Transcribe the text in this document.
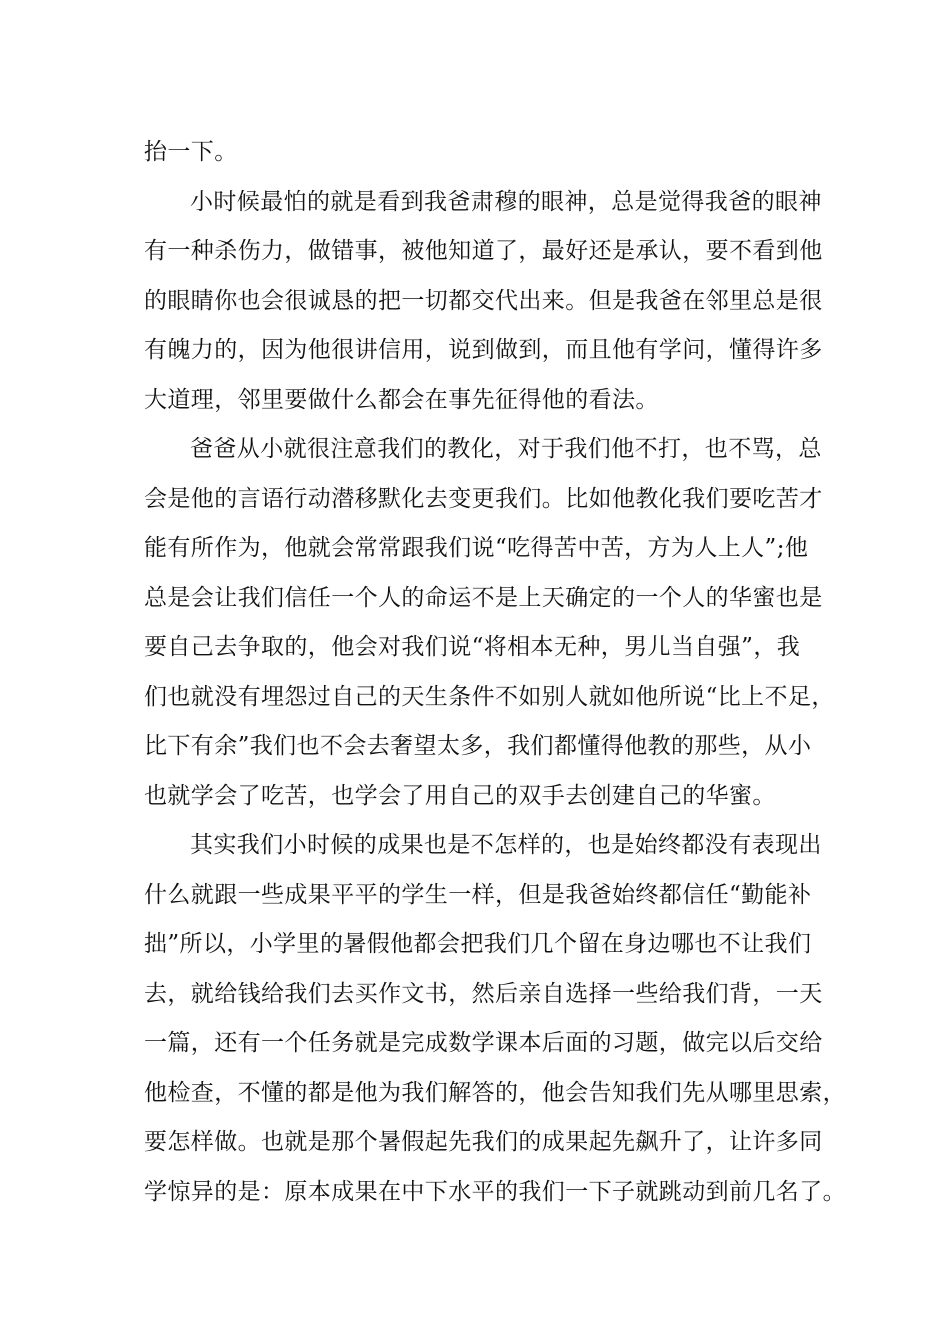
抬一下。
小时候最怕的就是看到我爸肃穆的眼神，总是觉得我爸的眼神
有一种杀伤力，做错事，被他知道了，最好还是承认，要不看到他
的眼睛你也会很诚恳的把一切都交代出来。但是我爸在邻里总是很
有魄力的，因为他很讲信用，说到做到，而且他有学问，懂得许多
大道理，邻里要做什么都会在事先征得他的看法。
爸爸从小就很注意我们的教化，对于我们他不打，也不骂，总
会是他的言语行动潜移默化去变更我们。比如他教化我们要吃苦才
能有所作为，他就会常常跟我们说“吃得苦中苦，方为人上人”;他
总是会让我们信任一个人的命运不是上天确定的一个人的华蜜也是
要自己去争取的，他会对我们说“将相本无种，男儿当自强”，我
们也就没有埋怨过自己的天生条件不如别人就如他所说“比上不足，
比下有余”我们也不会去奢望太多，我们都懂得他教的那些，从小
也就学会了吃苦，也学会了用自己的双手去创建自己的华蜜。
其实我们小时候的成果也是不怎样的，也是始终都没有表现出
什么就跟一些成果平平的学生一样，但是我爸始终都信任“勤能补
拙”所以，小学里的暑假他都会把我们几个留在身边哪也不让我们
去，就给钱给我们去买作文书，然后亲自选择一些给我们背，一天
一篇，还有一个任务就是完成数学课本后面的习题，做完以后交给
他检查，不懂的都是他为我们解答的，他会告知我们先从哪里思索，
要怎样做。也就是那个暑假起先我们的成果起先飙升了，让许多同
学惊异的是：原本成果在中下水平的我们一下子就跳动到前几名了。
